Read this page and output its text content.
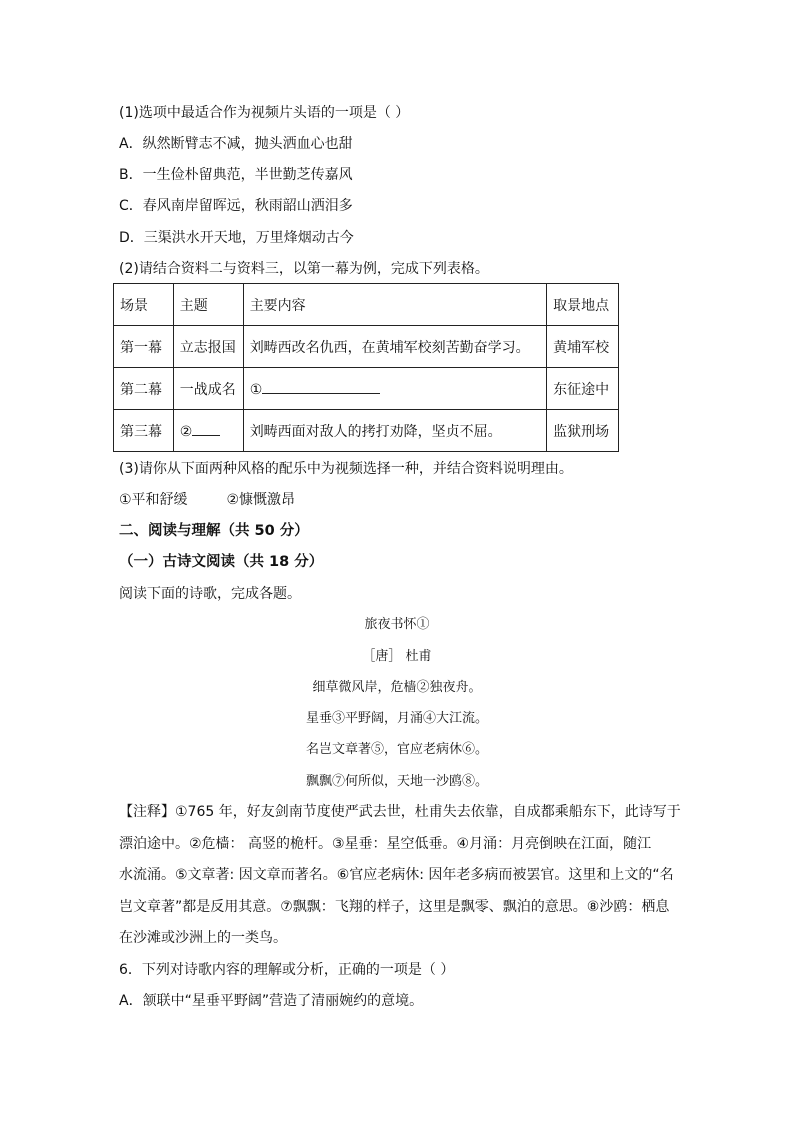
(1)选项中最适合作为视频片头语的一项是（ ）
A．纵然断臂志不减，抛头洒血心也甜
B．一生俭朴留典范，半世勤芝传嘉风
C．春风南岸留晖远，秋雨韶山洒泪多
D．三渠洪水开天地，万里烽烟动古今
(2)请结合资料二与资料三，以第一幕为例，完成下列表格。
场景	主题	主要内容	取景地点
第一幕	立志报国	刘畴西改名仇西，在黄埔军校刻苦勤奋学习。	黄埔军校
第二幕	一战成名	①	东征途中
第三幕	②	刘畴西面对敌人的拷打劝降，坚贞不屈。	监狱刑场
(3)请你从下面两种风格的配乐中为视频选择一种，并结合资料说明理由。
①平和舒缓	②慷慨激昂
二、阅读与理解（共 50 分）
（一）古诗文阅读（共 18 分）
阅读下面的诗歌，完成各题。
旅夜书怀①
［唐］ 杜甫
细草微风岸，危樯②独夜舟。
星垂③平野阔，月涌④大江流。
名岂文章著⑤，官应老病休⑥。
飘飘⑦何所似，天地一沙鸥⑧。
【注释】①765 年，好友剑南节度使严武去世，杜甫失去依靠，自成都乘船东下，此诗写于
漂泊途中。②危樯： 高竖的桅杆。③星垂：星空低垂。④月涌：月亮倒映在江面，随江
水流涌。⑤文章著: 因文章而著名。⑥官应老病休: 因年老多病而被罢官。这里和上文的“名
岂文章著”都是反用其意。⑦飘飘：飞翔的样子，这里是飘零、飘泊的意思。⑧沙鸥：栖息
在沙滩或沙洲上的一类鸟。
6．下列对诗歌内容的理解或分析，正确的一项是（ ）
A．颔联中“星垂平野阔”营造了清丽婉约的意境。
